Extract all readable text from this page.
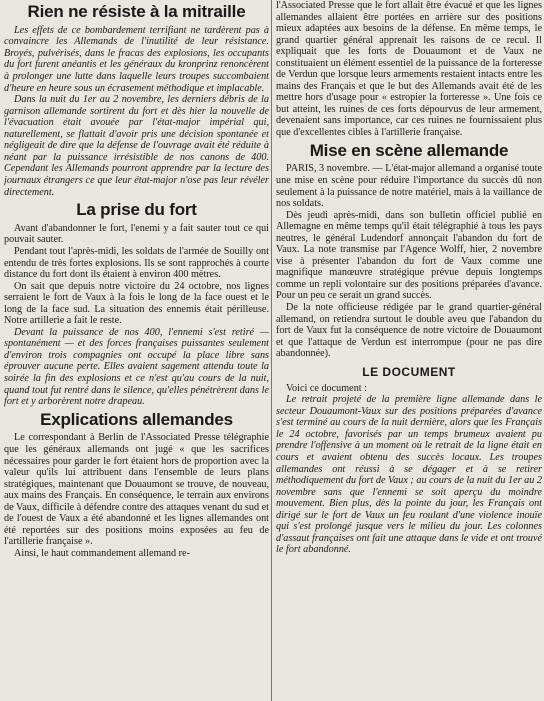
Rien ne résiste à la mitraille

Les effets de ce bombardement terrifiant ne tardèrent pas à convaincre les Allemands de l'inutilité de leur résistance. Broyés, pulvérisés, dans le fracas des explosions, les occupants du fort furent anéantis et les généraux du kronprinz renoncèrent à prolonger une lutte dans laquelle leurs troupes succombaient d'heure en heure sous un écrasement méthodique et implacable.

Dans la nuit du 1er au 2 novembre, les derniers débris de la garnison allemande sortirent du fort et dès hier la nouvelle de l'évacuation était avouée par l'état-major impérial qui, naturellement, se flattait d'avoir pris une décision spontanée et négligeait de dire que la défense de l'ouvrage avait été réduite à néant par la puissance irrésistible de nos canons de 400. Cependant les Allemands pourront apprendre par la lecture des journaux étrangers ce que leur état-major n'ose pas leur révéler directement.

La prise du fort

Avant d'abandonner le fort, l'enemi y a fait sauter tout ce qui pouvait sauter.

Pendant tout l'après-midi, les soldats de l'armée de Souilly ont entendu de très fortes explosions. Ils se sont rapprochés à courte distance du fort dont ils étaient à environ 400 mètres.

On sait que depuis notre victoire du 24 octobre, nos lignes serraient le fort de Vaux à la fois le long de la face ouest et le long de la face sud. La situation des ennemis était périlleuse. Notre artillerie a fait le reste.

Devant la puissance de nos 400, l'ennemi s'est retiré — spontanément — et des forces françaises puissantes seulement d'environ trois compagnies ont occupé la place libre sans éprouver aucune perte. Elles avaient sagement attendu toute la soirée la fin des explosions et ce n'est qu'au cours de la nuit, quand tout fut rentré dans le silence, qu'elles pénétrèrent dans le fort et y arborèrent notre drapeau.

Explications allemandes

Le correspondant à Berlin de l'Associated Presse télégraphie que les généraux allemands ont jugé « que les sacrifices nécessaires pour garder le fort étaient hors de proportion avec la valeur qu'ils lui attribuent dans l'ensemble de leurs plans stratégiques, maintenant que Douaumont se trouve, de nouveau, aux mains des Français. En conséquence, le terrain aux environs de Vaux, difficile à défendre contre des attaques venant du sud et de l'ouest de Vaux a été abandonné et les lignes allemandes ont été reportées sur des positions moins exposées au feu de l'artillerie française ».

Ainsi, le haut commandement allemand re-

l'Associated Presse que le fort allait être évacué et que les lignes allemandes allaient être portées en arrière sur des positions mieux adaptées aux besoins de la défense. En même temps, le grand quartier général apprenait les raisons de ce recul. Il expliquait que les forts de Douaumont et de Vaux ne constituaient un élément essentiel de la puissance de la forteresse de Verdun que lorsque leurs armements restaient intacts entre les mains des Français et que le but des Allemands avait été de les mettre hors d'usage pour « estropier la forteresse ». Une fois ce but atteint, les ruines de ces forts dépourvus de leur armement, devenaient sans importance, car ces ruines ne fournissaient plus que d'excellentes cibles à l'artillerie française.

Mise en scène allemande

PARIS, 3 novembre. — L'état-major allemand a organisé toute une mise en scène pour réduire l'importance du succès dû non seulement à la puissance de notre matériel, mais à la vaillance de nos soldats.

Dès jeudi après-midi, dans son bulletin officiel publié en Allemagne en même temps qu'il était télégraphié à tous les pays neutres, le général Ludendorf annonçait l'abandon du fort de Vaux. La note transmise par l'Agence Wolff, hier, 2 novembre vise à présenter l'abandon du fort de Vaux comme une magnifique manœuvre stratégique prévue depuis longtemps comme un repli volontaire sur des positions préparées d'avance. Pour un peu ce serait un grand succès.

De la note officieuse rédigée par le grand quartier-général allemand, on retiendra surtout le double aveu que l'abandon du fort de Vaux fut la conséquence de notre victoire de Douaumont et que l'attaque de Verdun est interrompue (pour ne pas dire abandonnée).

LE DOCUMENT

Voici ce document :

Le retrait projeté de la première ligne allemande dans le secteur Douaumont-Vaux sur des positions préparées d'avance s'est terminé au cours de la nuit dernière, alors que les Français le 24 octobre, favorisés par un temps brumeux avaient pu prendre l'offensive à un moment où le retrait de la ligne était en cours et avaient obtenu des succès locaux. Les troupes allemandes ont réussi à se dégager et à se retirer méthodiquement du fort de Vaux ; au cours de la nuit du 1er au 2 novembre sans que l'ennemi se soit aperçu du moindre mouvement. Bien plus, dès la pointe du jour, les Français ont dirigé sur le fort de Vaux un feu roulant d'une violence inouïe qui s'est prolongé jusque vers le milieu du jour. Les colonnes d'assaut françaises ont fait une attaque dans le vide et ont trouvé le fort abandonné.
